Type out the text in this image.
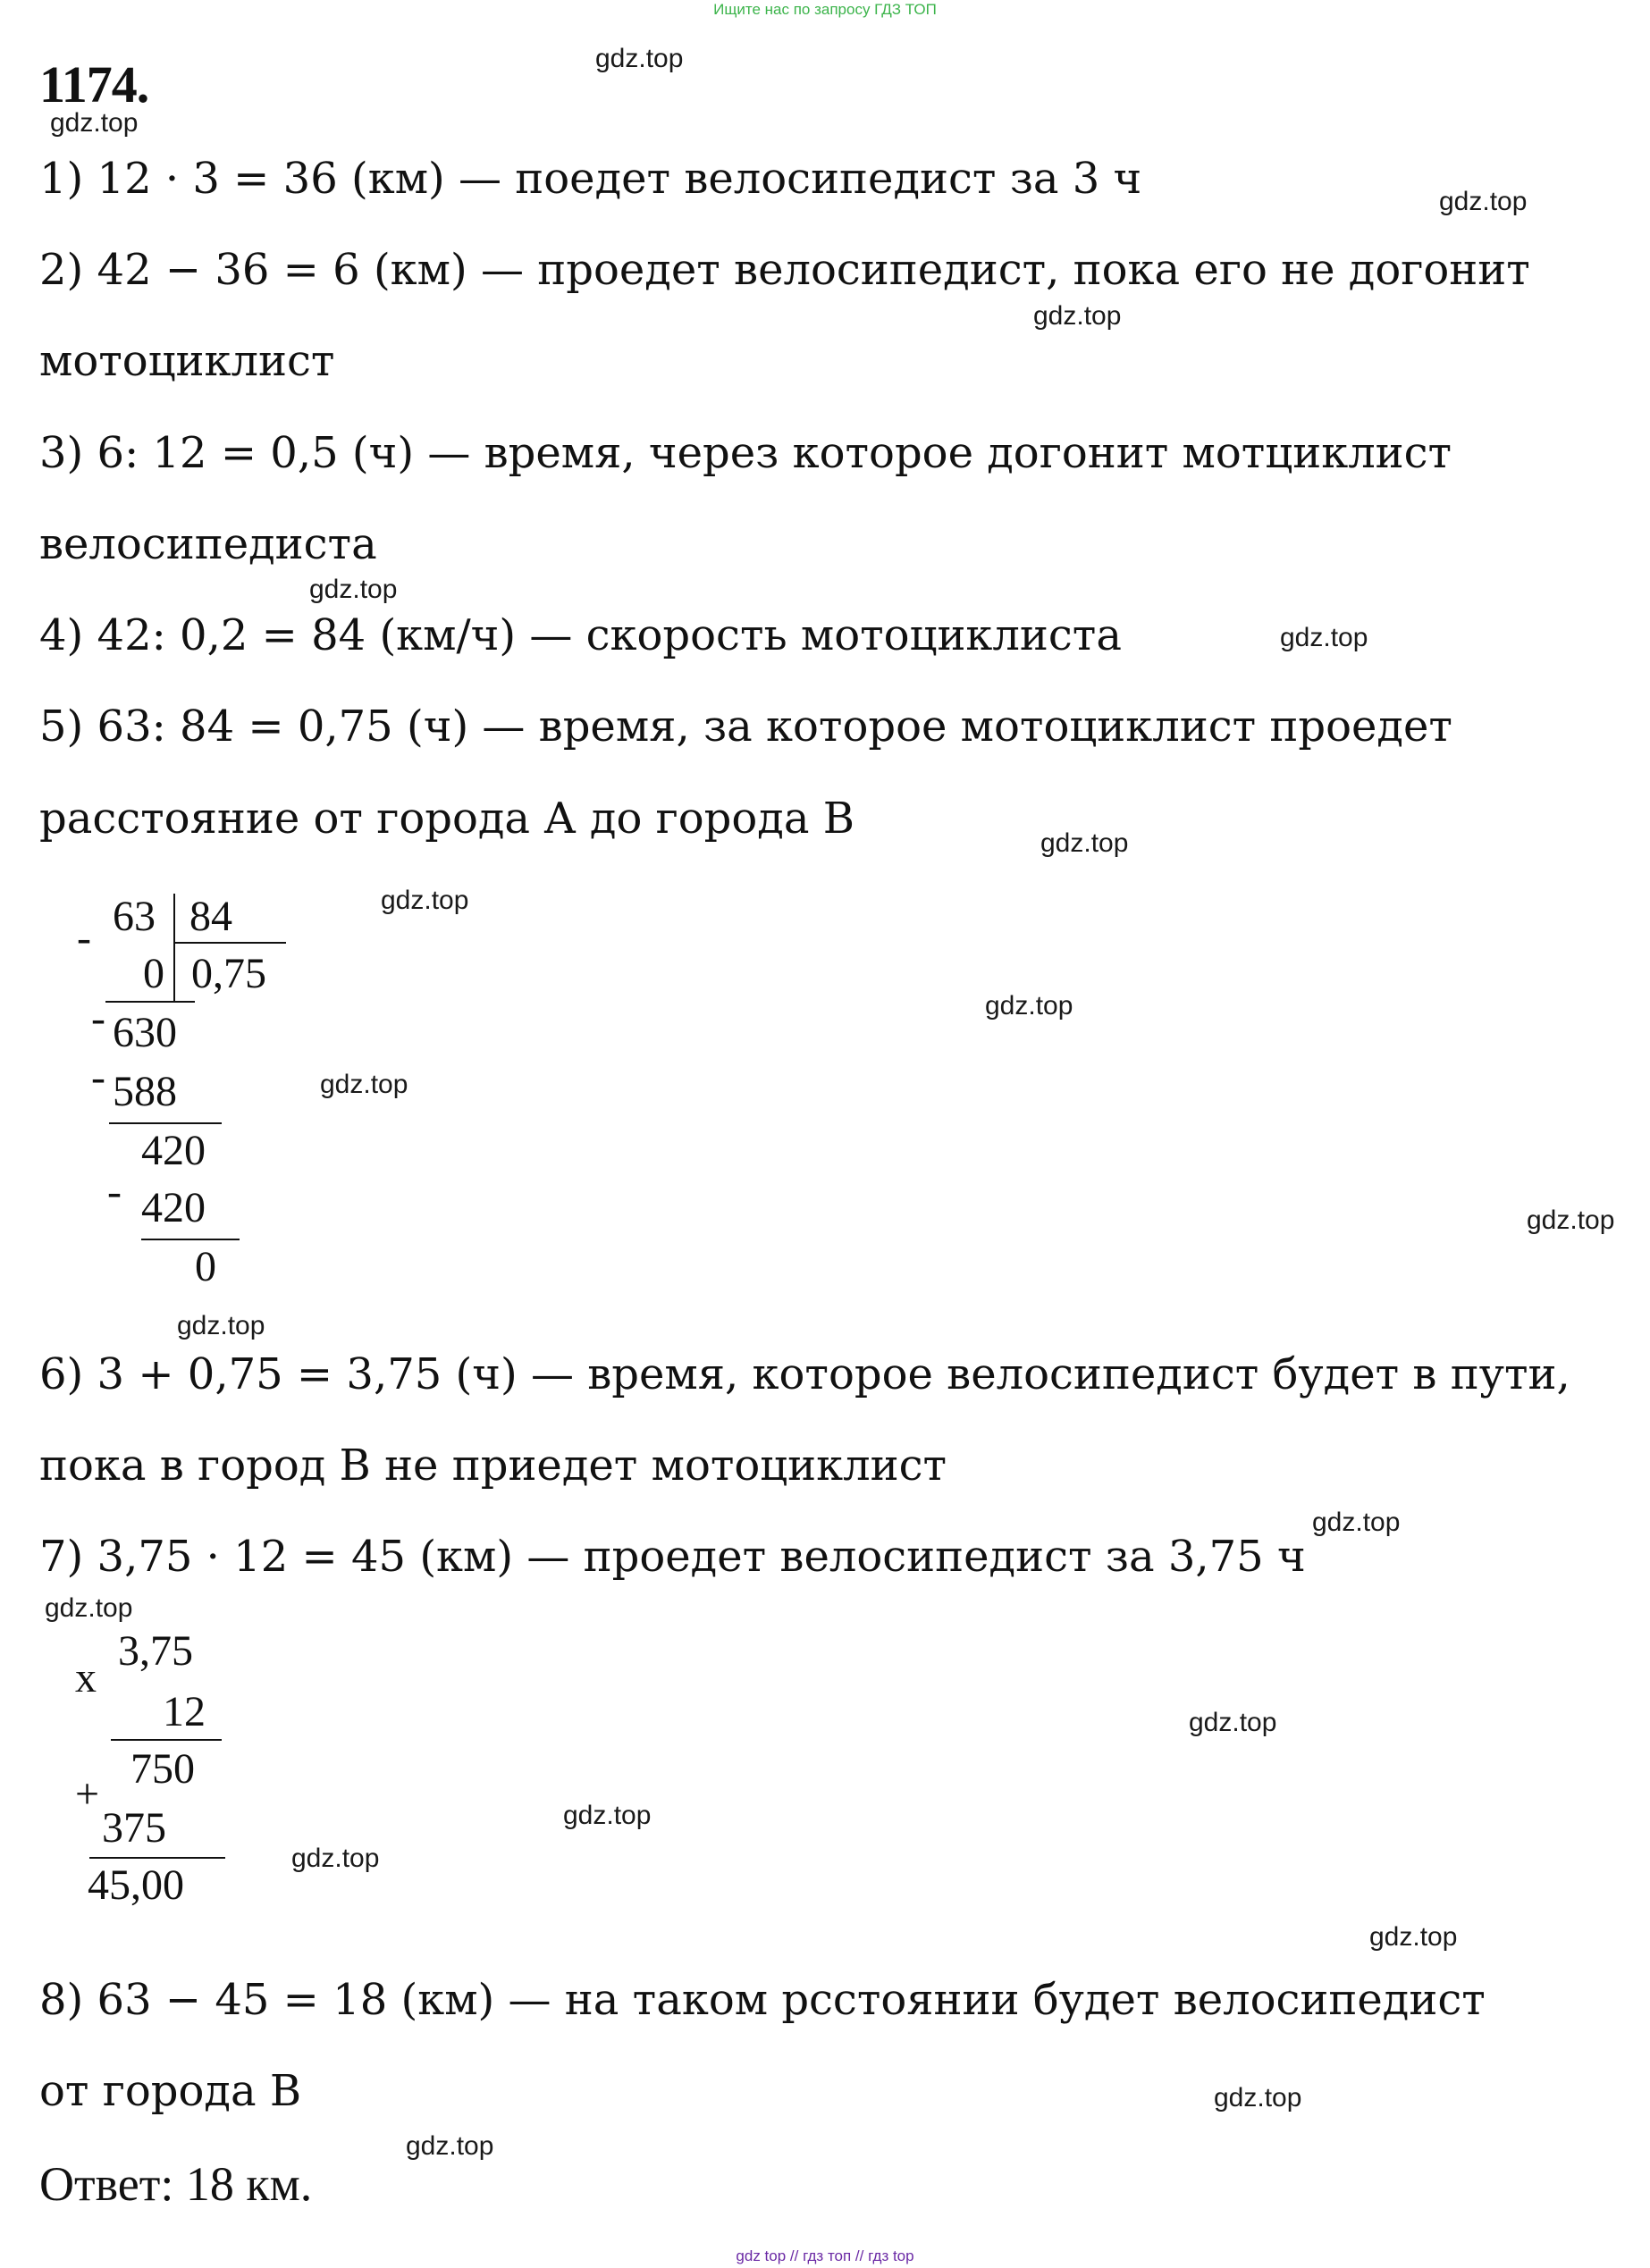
Ищите нас по запросу ГДЗ ТОП
1174.
1) 12 · 3 = 36 (км) — поедет велосипедист за 3 ч
2) 42 − 36 = 6 (км) — проедет велосипедист, пока его не догонит
мотоциклист
3) 6: 12 = 0,5 (ч) — время, через которое догонит мотциклист
велосипедиста
4) 42: 0,2 = 84 (км/ч) — скорость мотоциклиста
5) 63: 84 = 0,75 (ч) — время, за которое мотоциклист проедет
расстояние от города А до города В
6) 3 + 0,75 = 3,75 (ч) — время, которое велосипедист будет в пути,
пока в город В не приедет мотоциклист
7) 3,75 · 12 = 45 (км) — проедет велосипедист за 3,75 ч
8) 63 − 45 = 18 (км) — на таком рсстоянии будет велосипедист
от города В
Ответ: 18 км.
- 63 84
0 0,75
- 630
- 588
420
- 420
0
x
3,75
12
+
750
375
45,00
gdz.top
gdz.top
gdz.top
gdz.top
gdz.top
gdz.top
gdz.top
gdz.top
gdz.top
gdz.top
gdz.top
gdz.top
gdz.top
gdz.top
gdz.top
gdz.top
gdz.top
gdz.top
gdz.top
gdz.top
gdz top // гдз топ // гдз top
